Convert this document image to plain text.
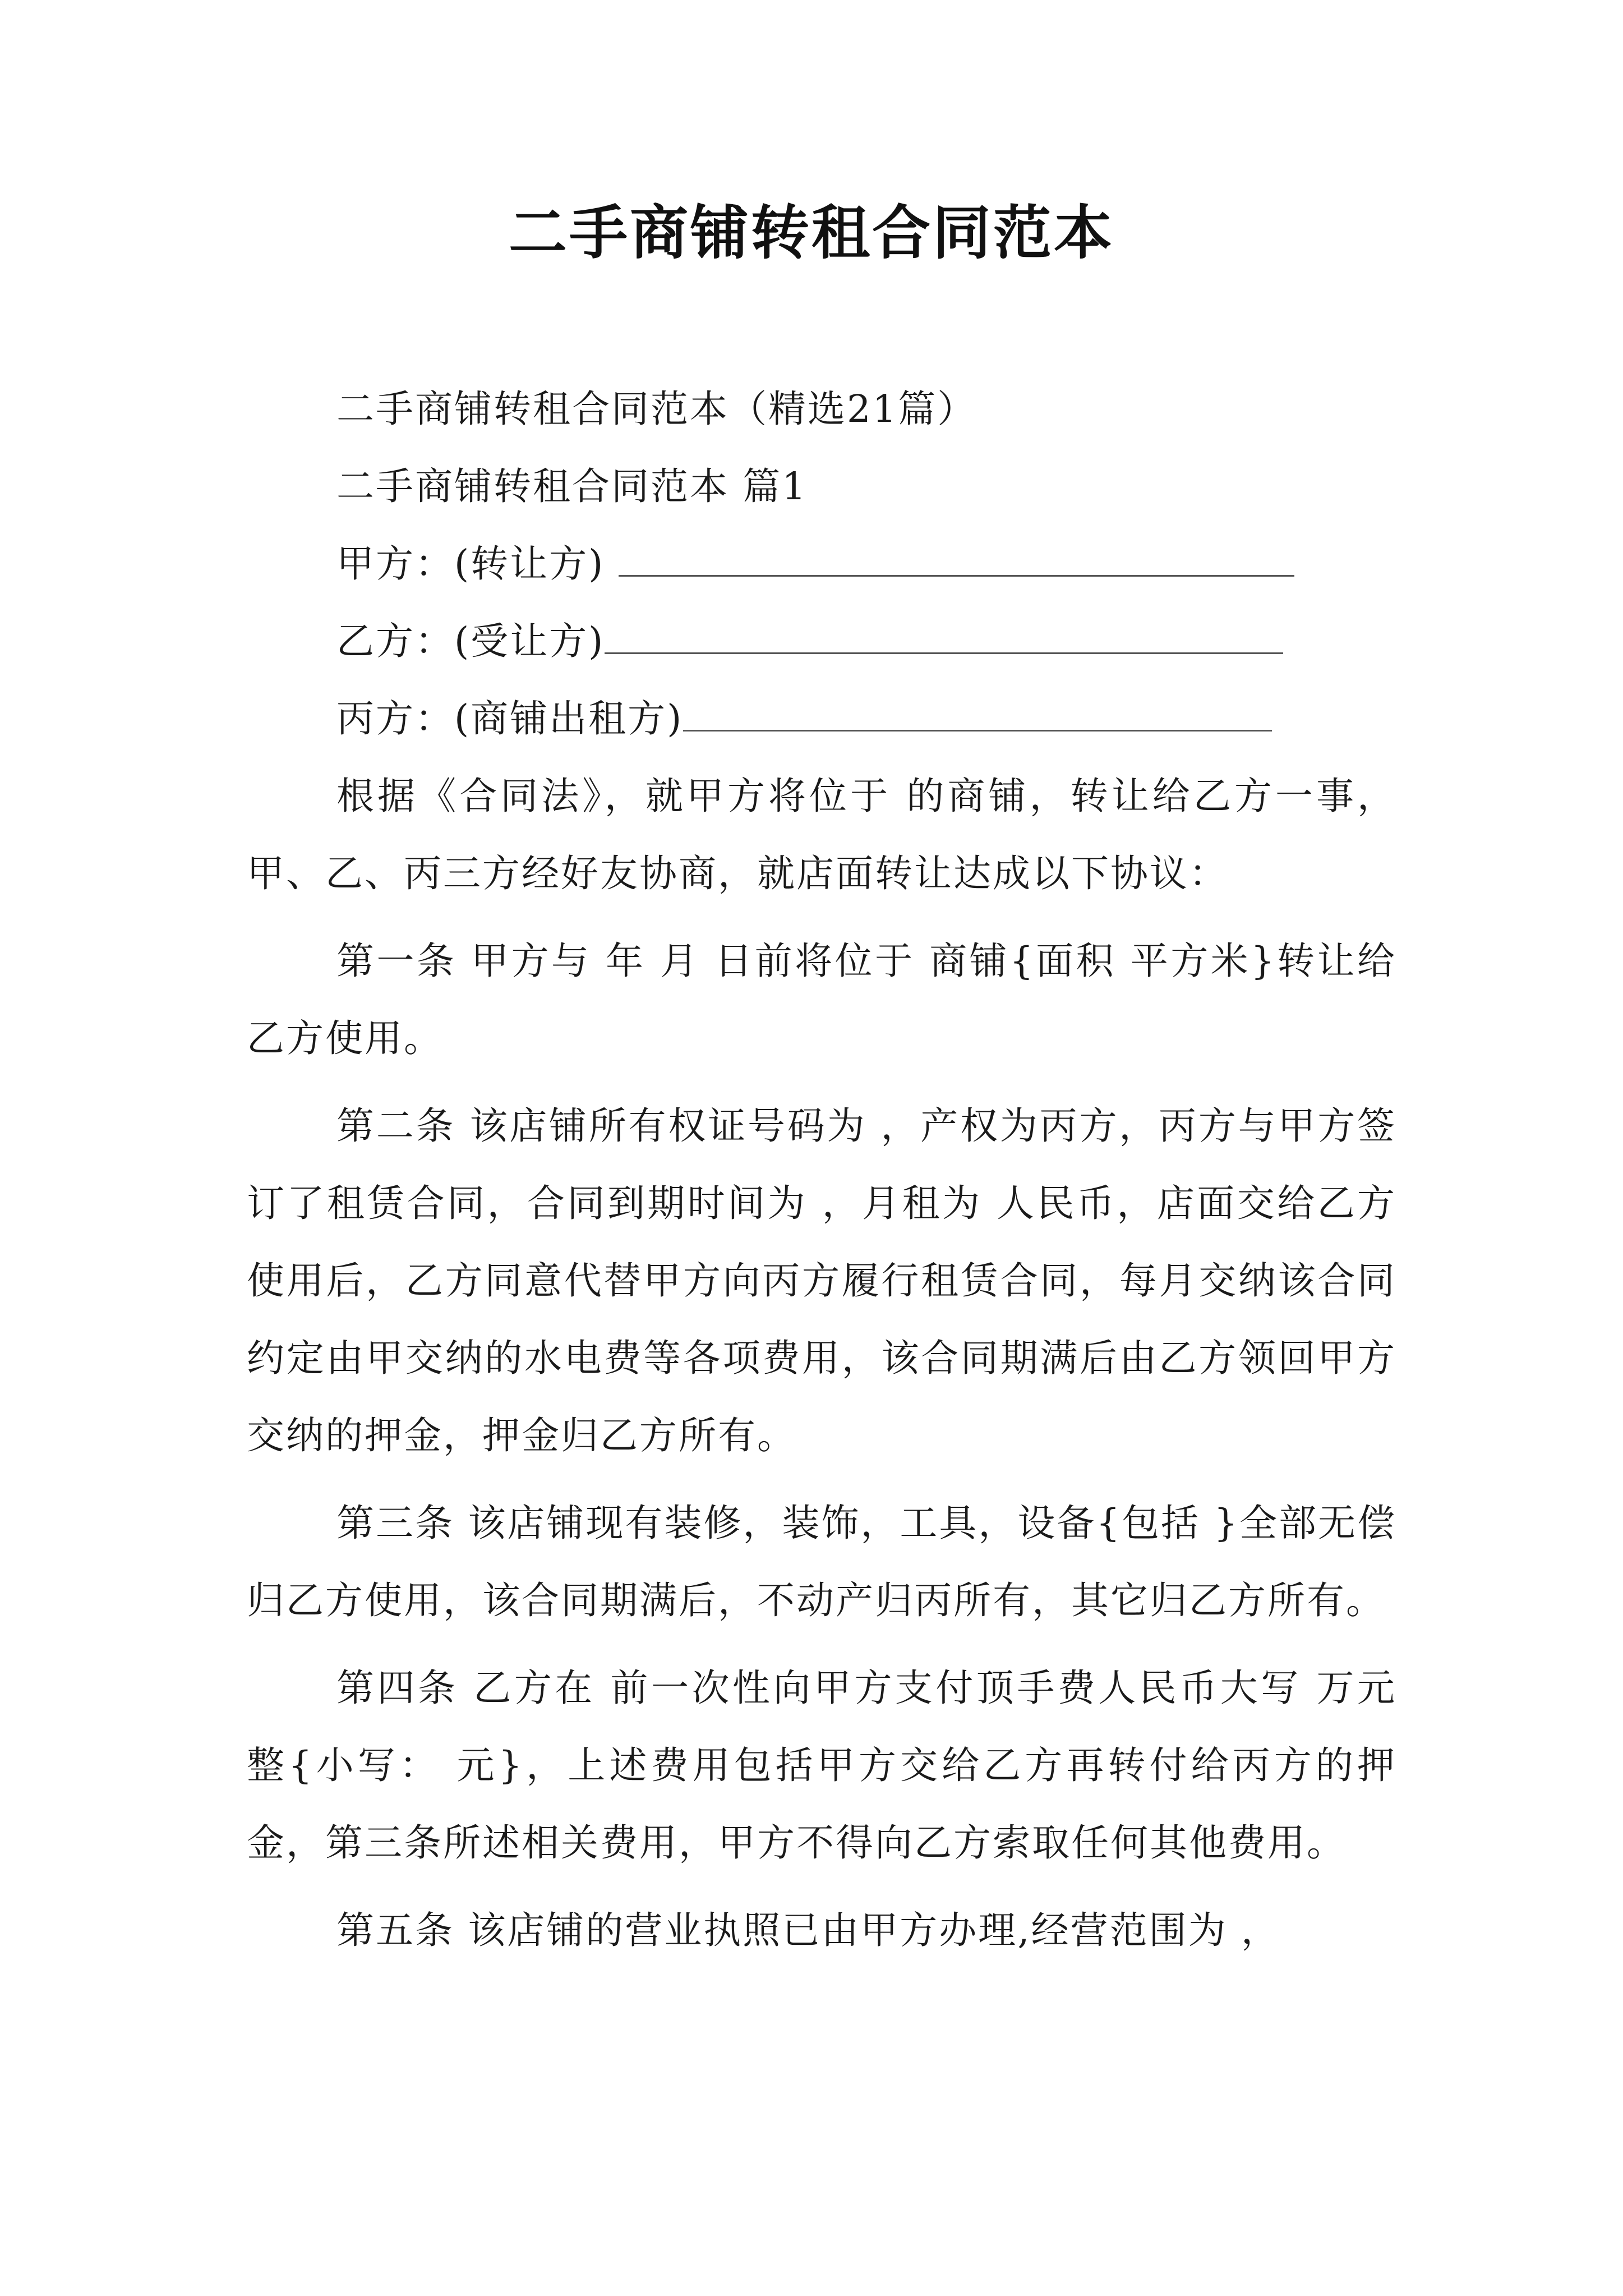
二手商铺转租合同范本

二手商铺转租合同范本（精选21篇）

二手商铺转租合同范本 篇1

甲方：(转让方)

乙方：(受让方)

丙方：(商铺出租方)

根据《合同法》，就甲方将位于 的商铺，转让给乙方一事，甲、乙、丙三方经好友协商，就店面转让达成以下协议：

第一条 甲方与 年 月 日前将位于 商铺{面积 平方米}转让给乙方使用。

第二条 该店铺所有权证号码为 ，产权为丙方，丙方与甲方签订了租赁合同，合同到期时间为 ，月租为 人民币，店面交给乙方使用后，乙方同意代替甲方向丙方履行租赁合同，每月交纳该合同约定由甲交纳的水电费等各项费用，该合同期满后由乙方领回甲方交纳的押金，押金归乙方所有。

第三条 该店铺现有装修，装饰，工具，设备{包括 }全部无偿归乙方使用，该合同期满后，不动产归丙所有，其它归乙方所有。

第四条 乙方在 前一次性向甲方支付顶手费人民币大写 万元整{小写： 元}，上述费用包括甲方交给乙方再转付给丙方的押金，第三条所述相关费用，甲方不得向乙方索取任何其他费用。

第五条 该店铺的营业执照已由甲方办理,经营范围为 ，
